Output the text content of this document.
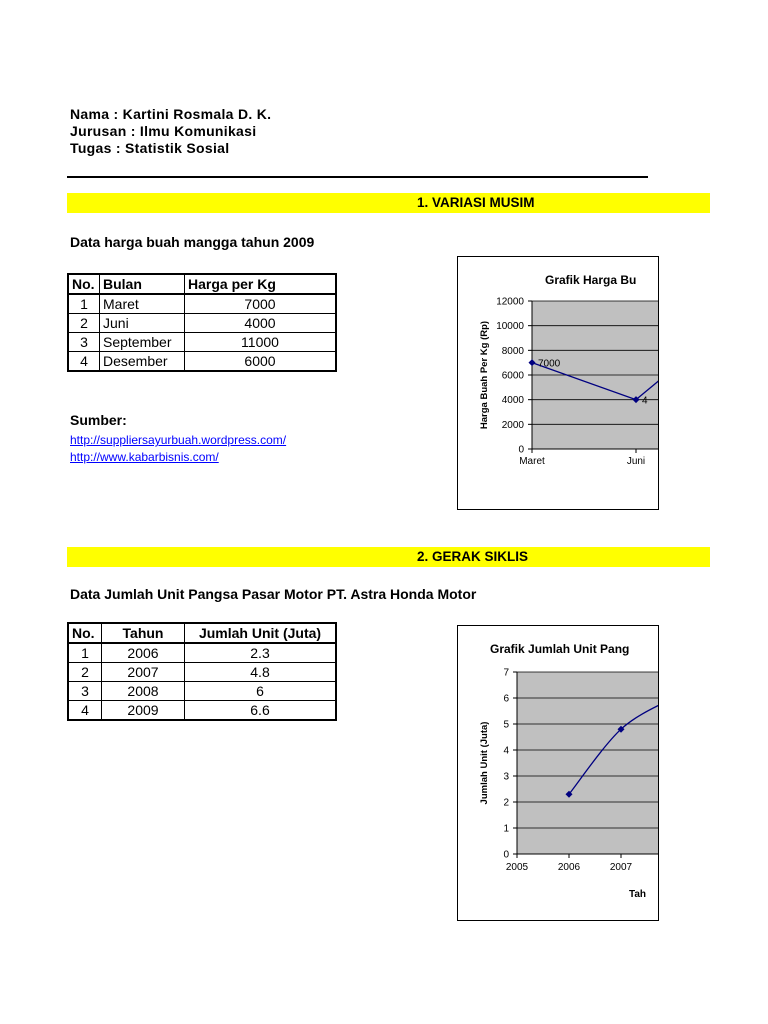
Nama : Kartini Rosmala D. K.
Jurusan : Ilmu Komunikasi
Tugas : Statistik Sosial
1. VARIASI MUSIM
Data harga buah mangga tahun 2009
No.	Bulan	Harga per Kg
1	Maret	7000
2	Juni	4000
3	September	11000
4	Desember	6000
Sumber:
http://suppliersayurbuah.wordpress.com/
http://www.kabarbisnis.com/	0
2000
4000
6000
8000
10000
12000
7000
4
Maret	Juni
Grafik Harga Bu
Harga Buah Per Kg (Rp)
2. GERAK SIKLIS
Data Jumlah Unit Pangsa Pasar Motor PT. Astra Honda Motor
No.	Tahun	Jumlah Unit (Juta)
1	2006	2.3
2	2007	4.8
3	2008	6
4	2009	6.6
0
1
2
3
4
5
6
7
2005	2006	2007
Grafik Jumlah Unit Pang
Jumlah Unit (Juta)
Tah
